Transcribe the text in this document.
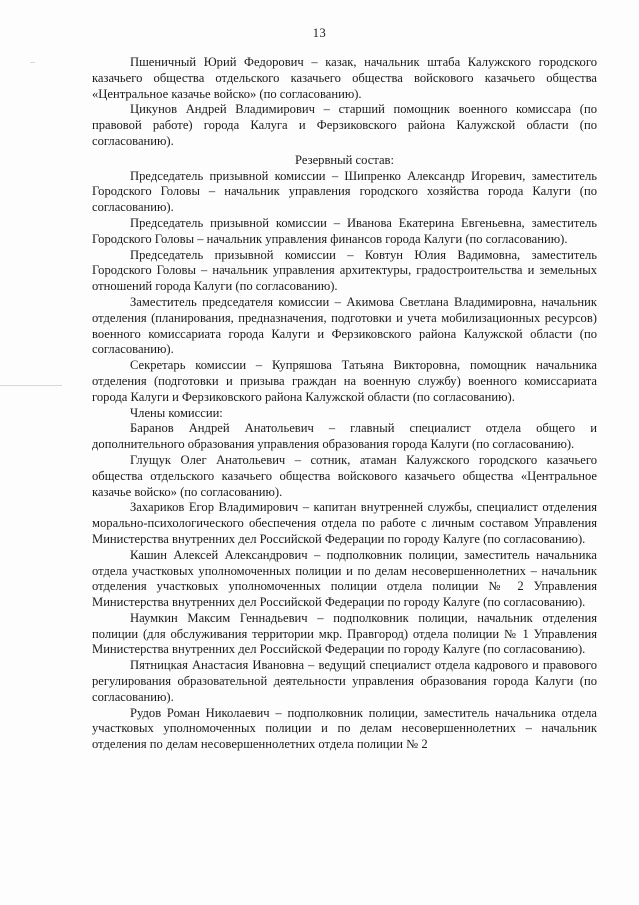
13

Пшеничный Юрий Федорович – казак, начальник штаба Калужского городского казачьего общества отдельского казачьего общества войскового казачьего общества «Центральное казачье войско» (по согласованию).

Цикунов Андрей Владимирович – старший помощник военного комиссара (по правовой работе) города Калуга и Ферзиковского района Калужской области (по согласованию).

Резервный состав:

Председатель призывной комиссии – Шипренко Александр Игоревич, заместитель Городского Головы – начальник управления городского хозяйства города Калуги (по согласованию).

Председатель призывной комиссии – Иванова Екатерина Евгеньевна, заместитель Городского Головы – начальник управления финансов города Калуги (по согласованию).

Председатель призывной комиссии – Ковтун Юлия Вадимовна, заместитель Городского Головы – начальник управления архитектуры, градостроительства и земельных отношений города Калуги (по согласованию).

Заместитель председателя комиссии – Акимова Светлана Владимировна, начальник отделения (планирования, предназначения, подготовки и учета мобилизационных ресурсов) военного комиссариата города Калуги и Ферзиковского района Калужской области (по согласованию).

Секретарь комиссии – Купряшова Татьяна Викторовна, помощник начальника отделения (подготовки и призыва граждан на военную службу) военного комиссариата города Калуги и Ферзиковского района Калужской области (по согласованию).

Члены комиссии:

Баранов Андрей Анатольевич – главный специалист отдела общего и дополнительного образования управления образования города Калуги (по согласованию).

Глущук Олег Анатольевич – сотник, атаман Калужского городского казачьего общества отдельского казачьего общества войскового казачьего общества «Центральное казачье войско» (по согласованию).

Захариков Егор Владимирович – капитан внутренней службы, специалист отделения морально-психологического обеспечения отдела по работе с личным составом Управления Министерства внутренних дел Российской Федерации по городу Калуге (по согласованию).

Кашин Алексей Александрович – подполковник полиции, заместитель начальника отдела участковых уполномоченных полиции и по делам несовершеннолетних – начальник отделения участковых уполномоченных полиции отдела полиции № 2 Управления Министерства внутренних дел Российской Федерации по городу Калуге (по согласованию).

Наумкин Максим Геннадьевич – подполковник полиции, начальник отделения полиции (для обслуживания территории мкр. Правгород) отдела полиции № 1 Управления Министерства внутренних дел Российской Федерации по городу Калуге (по согласованию).

Пятницкая Анастасия Ивановна – ведущий специалист отдела кадрового и правового регулирования образовательной деятельности управления образования города Калуги (по согласованию).

Рудов Роман Николаевич – подполковник полиции, заместитель начальника отдела участковых уполномоченных полиции и по делам несовершеннолетних – начальник отделения по делам несовершеннолетних отдела полиции № 2
